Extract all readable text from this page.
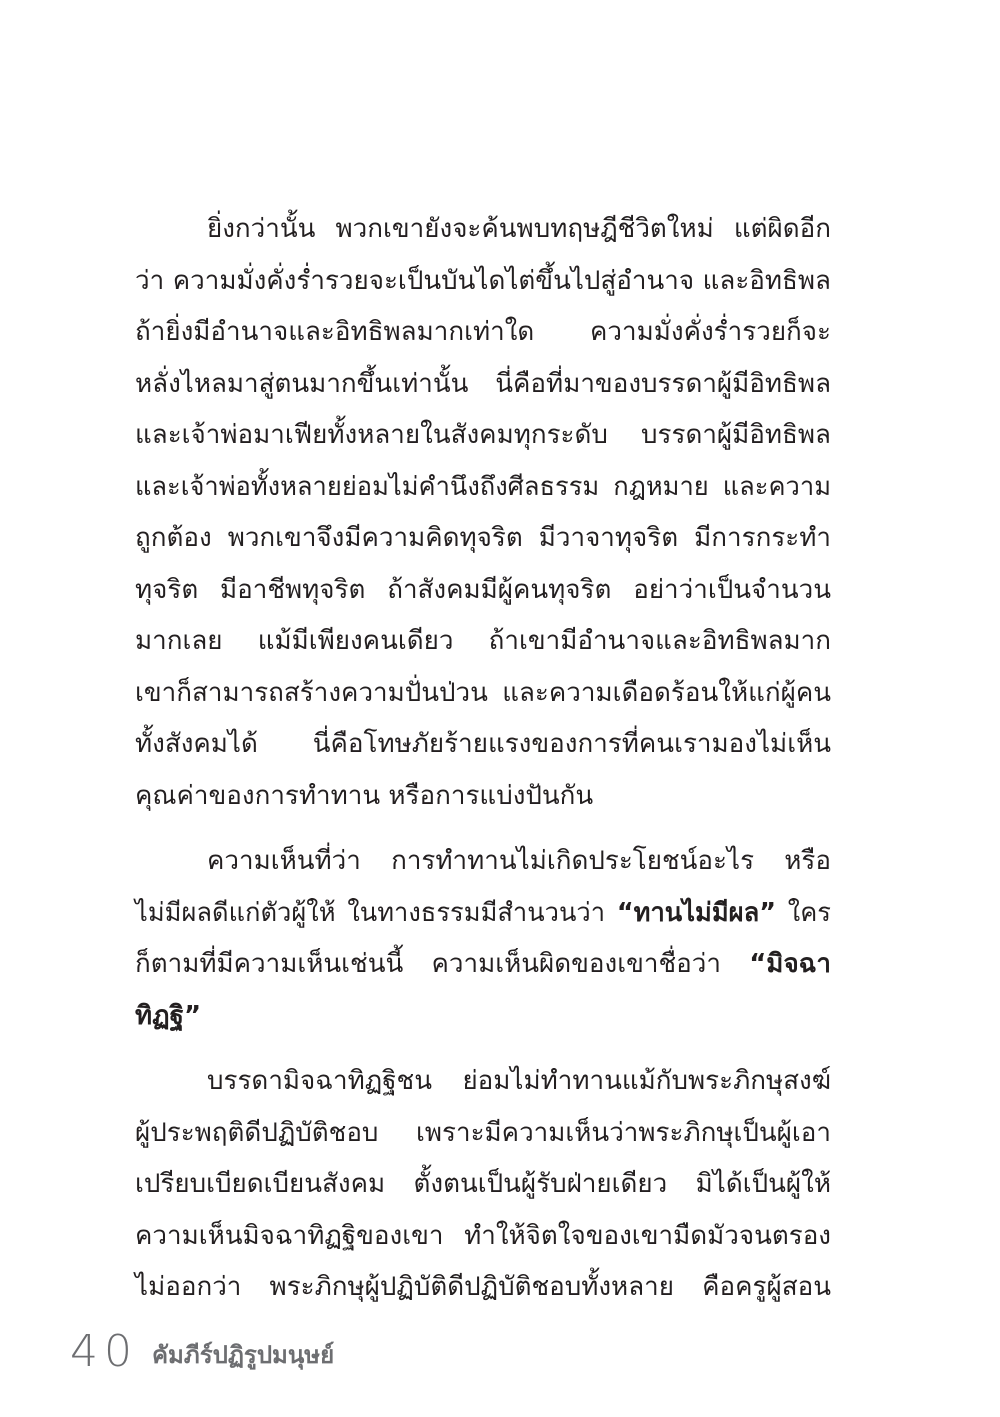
ยิ่งกว่านั้น พวกเขายังจะค้นพบทฤษฎีชีวิตใหม่ แต่ผิดอีก
ว่า ความมั่งคั่งร่ำรวยจะเป็นบันไดไต่ขึ้นไปสู่อำนาจ และอิทธิพล
ถ้ายิ่งมีอำนาจและอิทธิพลมากเท่าใด ความมั่งคั่งร่ำรวยก็จะ
หลั่งไหลมาสู่ตนมากขึ้นเท่านั้น นี่คือที่มาของบรรดาผู้มีอิทธิพล
และเจ้าพ่อมาเฟียทั้งหลายในสังคมทุกระดับ บรรดาผู้มีอิทธิพล
และเจ้าพ่อทั้งหลายย่อมไม่คำนึงถึงศีลธรรม กฎหมาย และความ
ถูกต้อง พวกเขาจึงมีความคิดทุจริต มีวาจาทุจริต มีการกระทำ
ทุจริต มีอาชีพทุจริต ถ้าสังคมมีผู้คนทุจริต อย่าว่าเป็นจำนวน
มากเลย แม้มีเพียงคนเดียว ถ้าเขามีอำนาจและอิทธิพลมาก
เขาก็สามารถสร้างความปั่นป่วน และความเดือดร้อนให้แก่ผู้คน
ทั้งสังคมได้ นี่คือโทษภัยร้ายแรงของการที่คนเรามองไม่เห็น
คุณค่าของการทำทาน หรือการแบ่งปันกัน
ความเห็นที่ว่า การทำทานไม่เกิดประโยชน์อะไร หรือ
ไม่มีผลดีแก่ตัวผู้ให้ ในทางธรรมมีสำนวนว่า “ทานไม่มีผล” ใคร
ก็ตามที่มีความเห็นเช่นนี้ ความเห็นผิดของเขาชื่อว่า “มิจฉา
ทิฏฐิ”
บรรดามิจฉาทิฏฐิชน ย่อมไม่ทำทานแม้กับพระภิกษุสงฆ์
ผู้ประพฤติดีปฏิบัติชอบ เพราะมีความเห็นว่าพระภิกษุเป็นผู้เอา
เปรียบเบียดเบียนสังคม ตั้งตนเป็นผู้รับฝ่ายเดียว มิได้เป็นผู้ให้
ความเห็นมิจฉาทิฏฐิของเขา ทำให้จิตใจของเขามืดมัวจนตรอง
ไม่ออกว่า พระภิกษุผู้ปฏิบัติดีปฏิบัติชอบทั้งหลาย คือครูผู้สอน
40 คัมภีร์ปฏิรูปมนุษย์
